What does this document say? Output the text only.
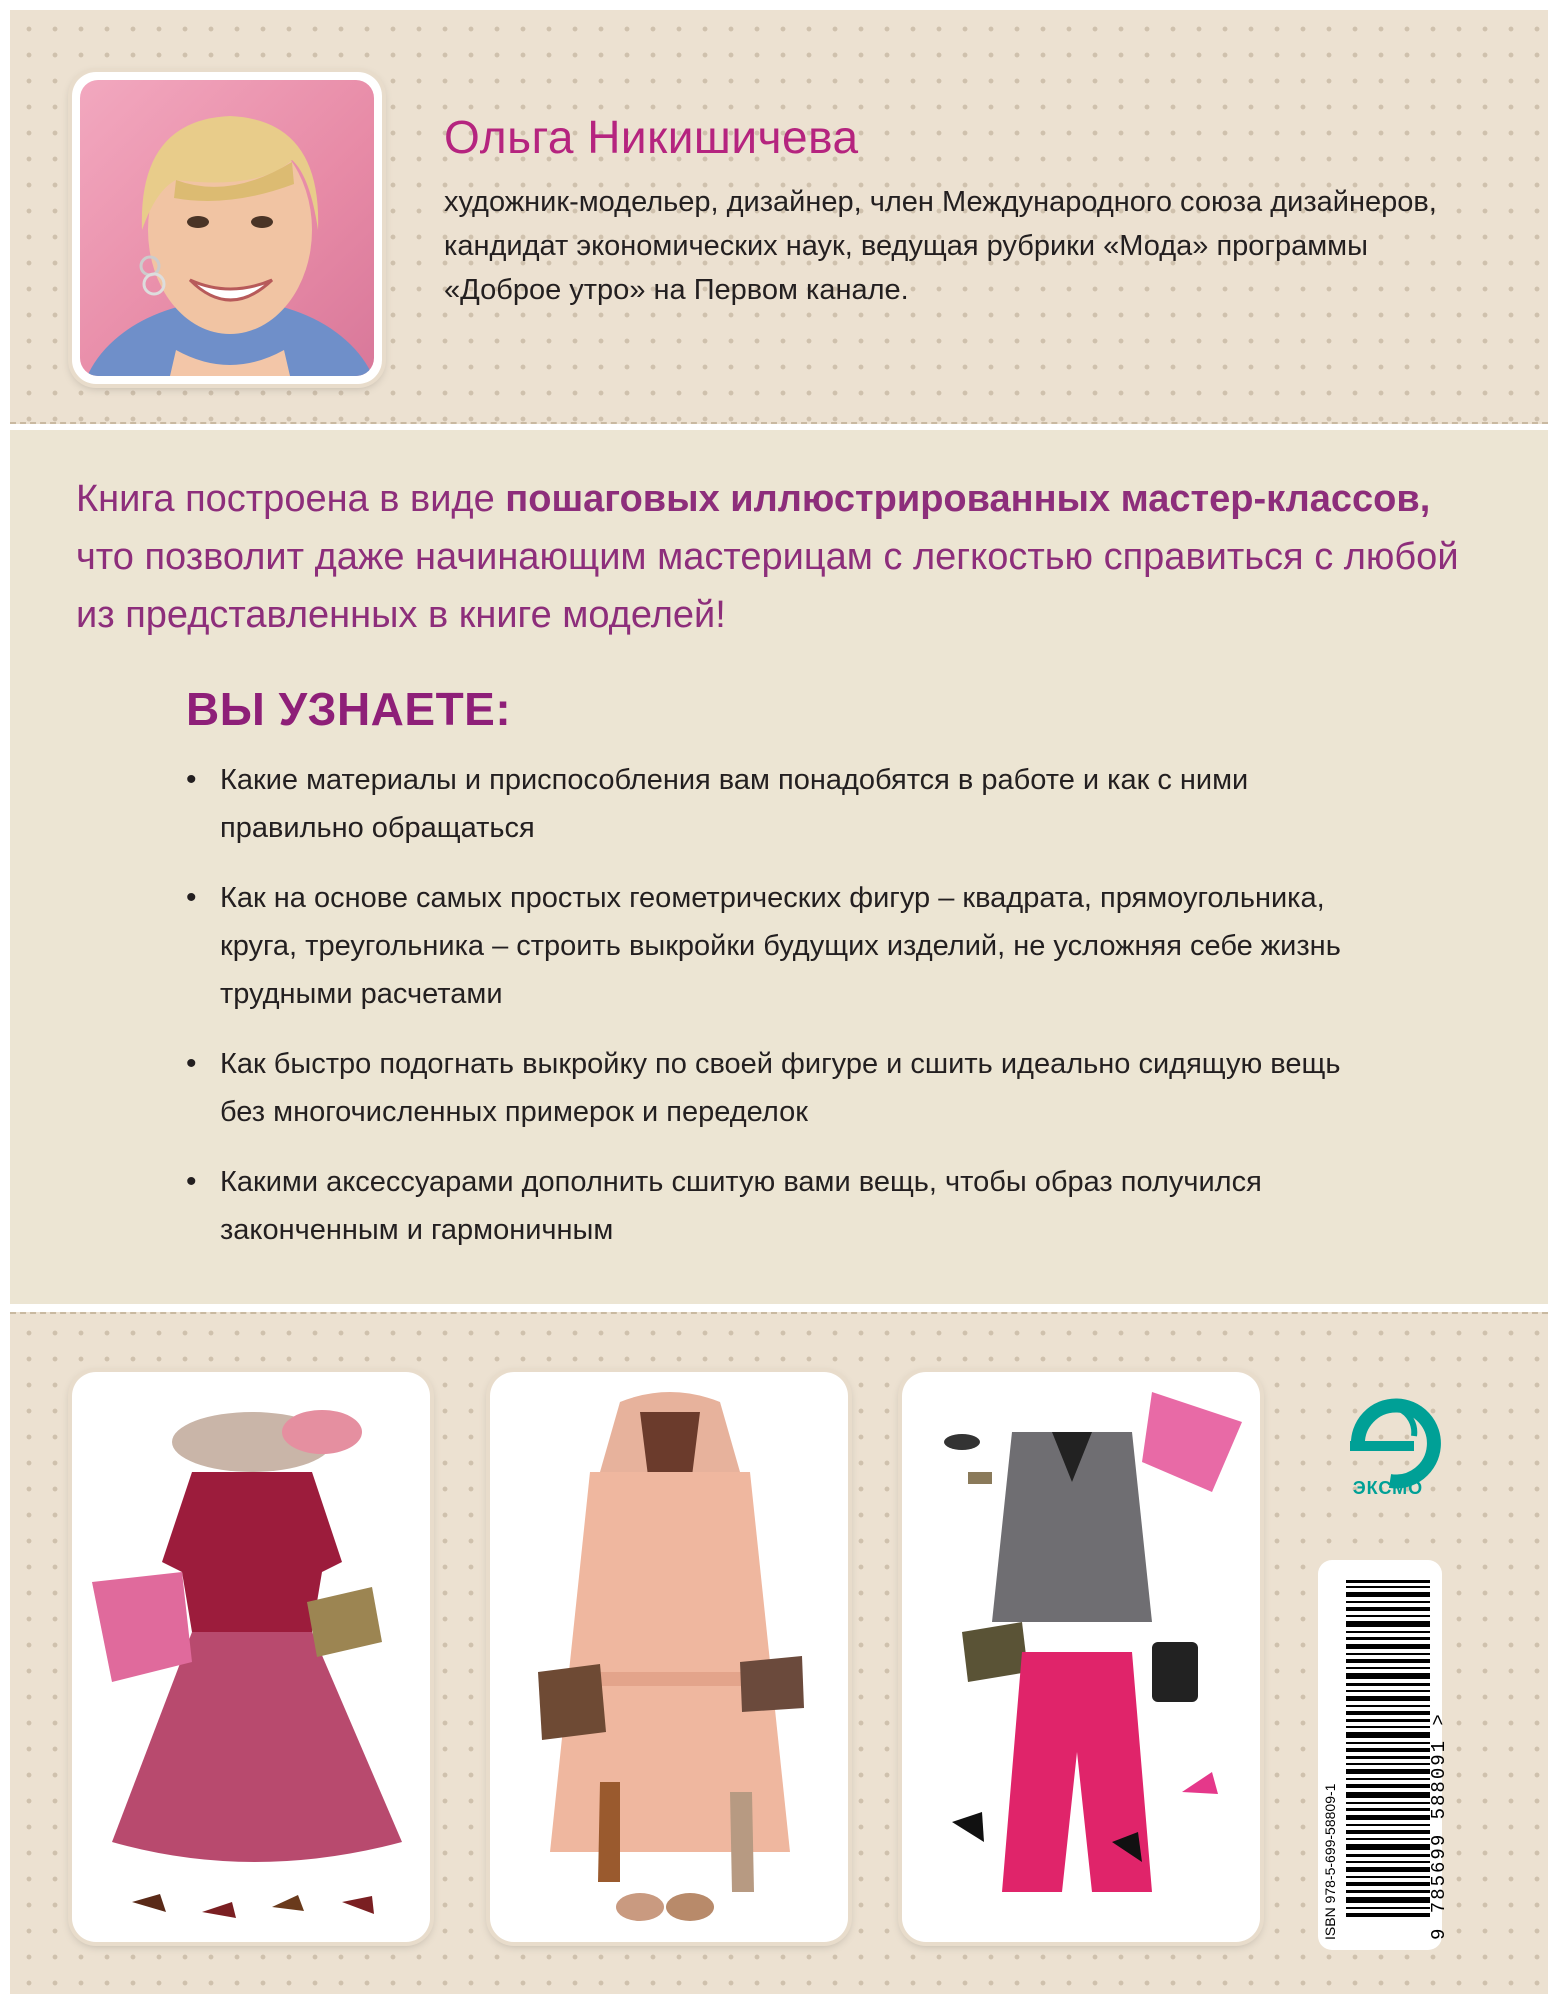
Ольга Никишичева
художник-модельер, дизайнер, член Международного союза дизайнеров, кандидат экономических наук, ведущая рубрики «Мода» программы «Доброе утро» на Первом канале.
Книга построена в виде пошаговых иллюстрированных мастер-классов, что позволит даже начинающим мастерицам с легкостью справиться с любой из представленных в книге моделей!
ВЫ УЗНАЕТЕ:
• Какие материалы и приспособления вам понадобятся в работе и как с ними правильно обращаться
• Как на основе самых простых геометрических фигур – квадрата, прямоугольника, круга, треугольника – строить выкройки будущих изделий, не усложняя себе жизнь трудными расчетами
• Как быстро подогнать выкройку по своей фигуре и сшить идеально сидящую вещь без многочисленных примерок и переделок
• Какими аксессуарами дополнить сшитую вами вещь, чтобы образ получился законченным и гармоничным
ЭКСМО
ISBN 978-5-699-58809-1	9 785699 588091 >
